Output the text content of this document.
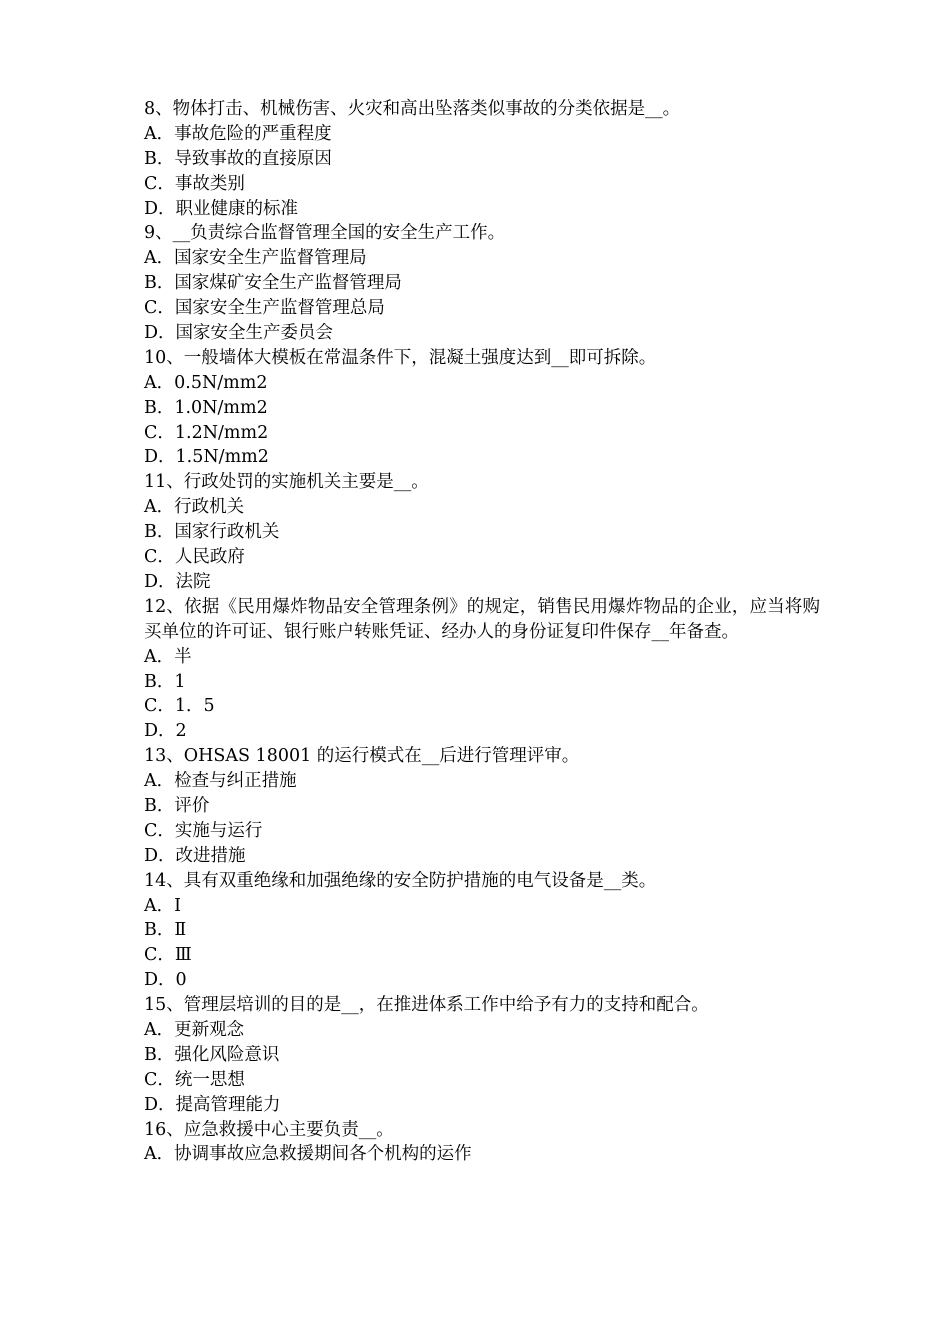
8、物体打击、机械伤害、火灾和高出坠落类似事故的分类依据是__。
A．事故危险的严重程度
B．导致事故的直接原因
C．事故类别
D．职业健康的标准
9、__负责综合监督管理全国的安全生产工作。
A．国家安全生产监督管理局
B．国家煤矿安全生产监督管理局
C．国家安全生产监督管理总局
D．国家安全生产委员会
10、一般墙体大模板在常温条件下，混凝土强度达到__即可拆除。
A．0.5N/mm2
B．1.0N/mm2
C．1.2N/mm2
D．1.5N/mm2
11、行政处罚的实施机关主要是__。
A．行政机关
B．国家行政机关
C．人民政府
D．法院
12、依据《民用爆炸物品安全管理条例》的规定，销售民用爆炸物品的企业，应当将购买单位的许可证、银行账户转账凭证、经办人的身份证复印件保存__年备查。
A．半
B．1
C．1．5
D．2
13、OHSAS 18001 的运行模式在__后进行管理评审。
A．检查与纠正措施
B．评价
C．实施与运行
D．改进措施
14、具有双重绝缘和加强绝缘的安全防护措施的电气设备是__类。
A．Ⅰ
B．Ⅱ
C．Ⅲ
D．0
15、管理层培训的目的是__，在推进体系工作中给予有力的支持和配合。
A．更新观念
B．强化风险意识
C．统一思想
D．提高管理能力
16、应急救援中心主要负责__。
A．协调事故应急救援期间各个机构的运作
